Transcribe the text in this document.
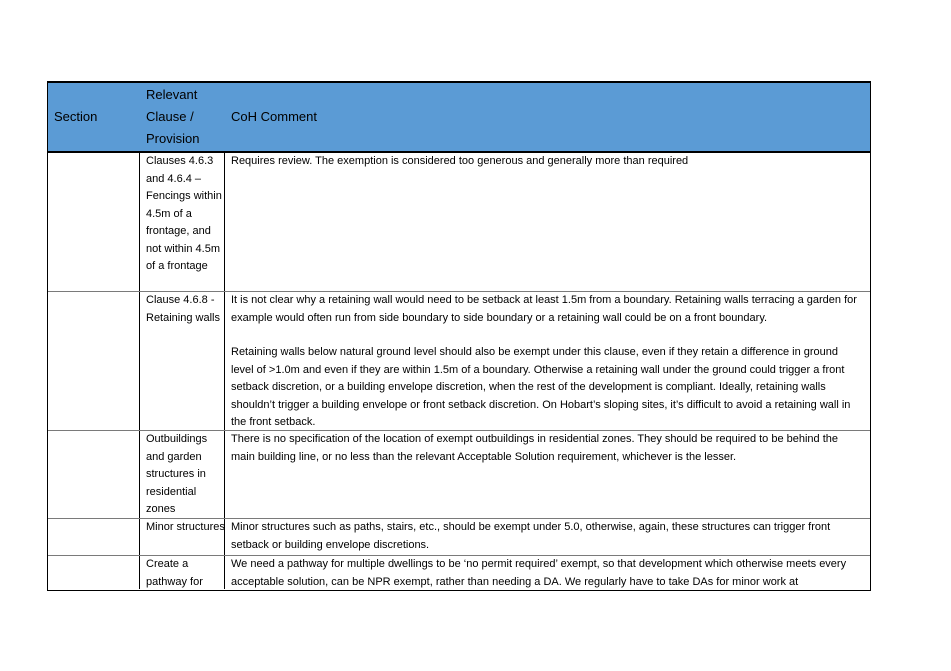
Section
Relevant Clause / Provision
CoH Comment
Clauses 4.6.3 and 4.6.4 – Fencings within 4.5m of a frontage, and not within 4.5m of a frontage

Requires review. The exemption is considered too generous and generally more than required

Clause 4.6.8 - Retaining walls

It is not clear why a retaining wall would need to be setback at least 1.5m from a boundary. Retaining walls terracing a garden for example would often run from side boundary to side boundary or a retaining wall could be on a front boundary.

Retaining walls below natural ground level should also be exempt under this clause, even if they retain a difference in ground level of >1.0m and even if they are within 1.5m of a boundary. Otherwise a retaining wall under the ground could trigger a front setback discretion, or a building envelope discretion, when the rest of the development is compliant. Ideally, retaining walls shouldn’t trigger a building envelope or front setback discretion. On Hobart’s sloping sites, it’s difficult to avoid a retaining wall in the front setback.

Outbuildings and garden structures in residential zones

There is no specification of the location of exempt outbuildings in residential zones. They should be required to be behind the main building line, or no less than the relevant Acceptable Solution requirement, whichever is the lesser.

Minor structures Minor structures such as paths, stairs, etc., should be exempt under 5.0, otherwise, again, these structures can trigger front setback or building envelope discretions.

Create a pathway for

We need a pathway for multiple dwellings to be ‘no permit required’ exempt, so that development which otherwise meets every acceptable solution, can be NPR exempt, rather than needing a DA. We regularly have to take DAs for minor work at
